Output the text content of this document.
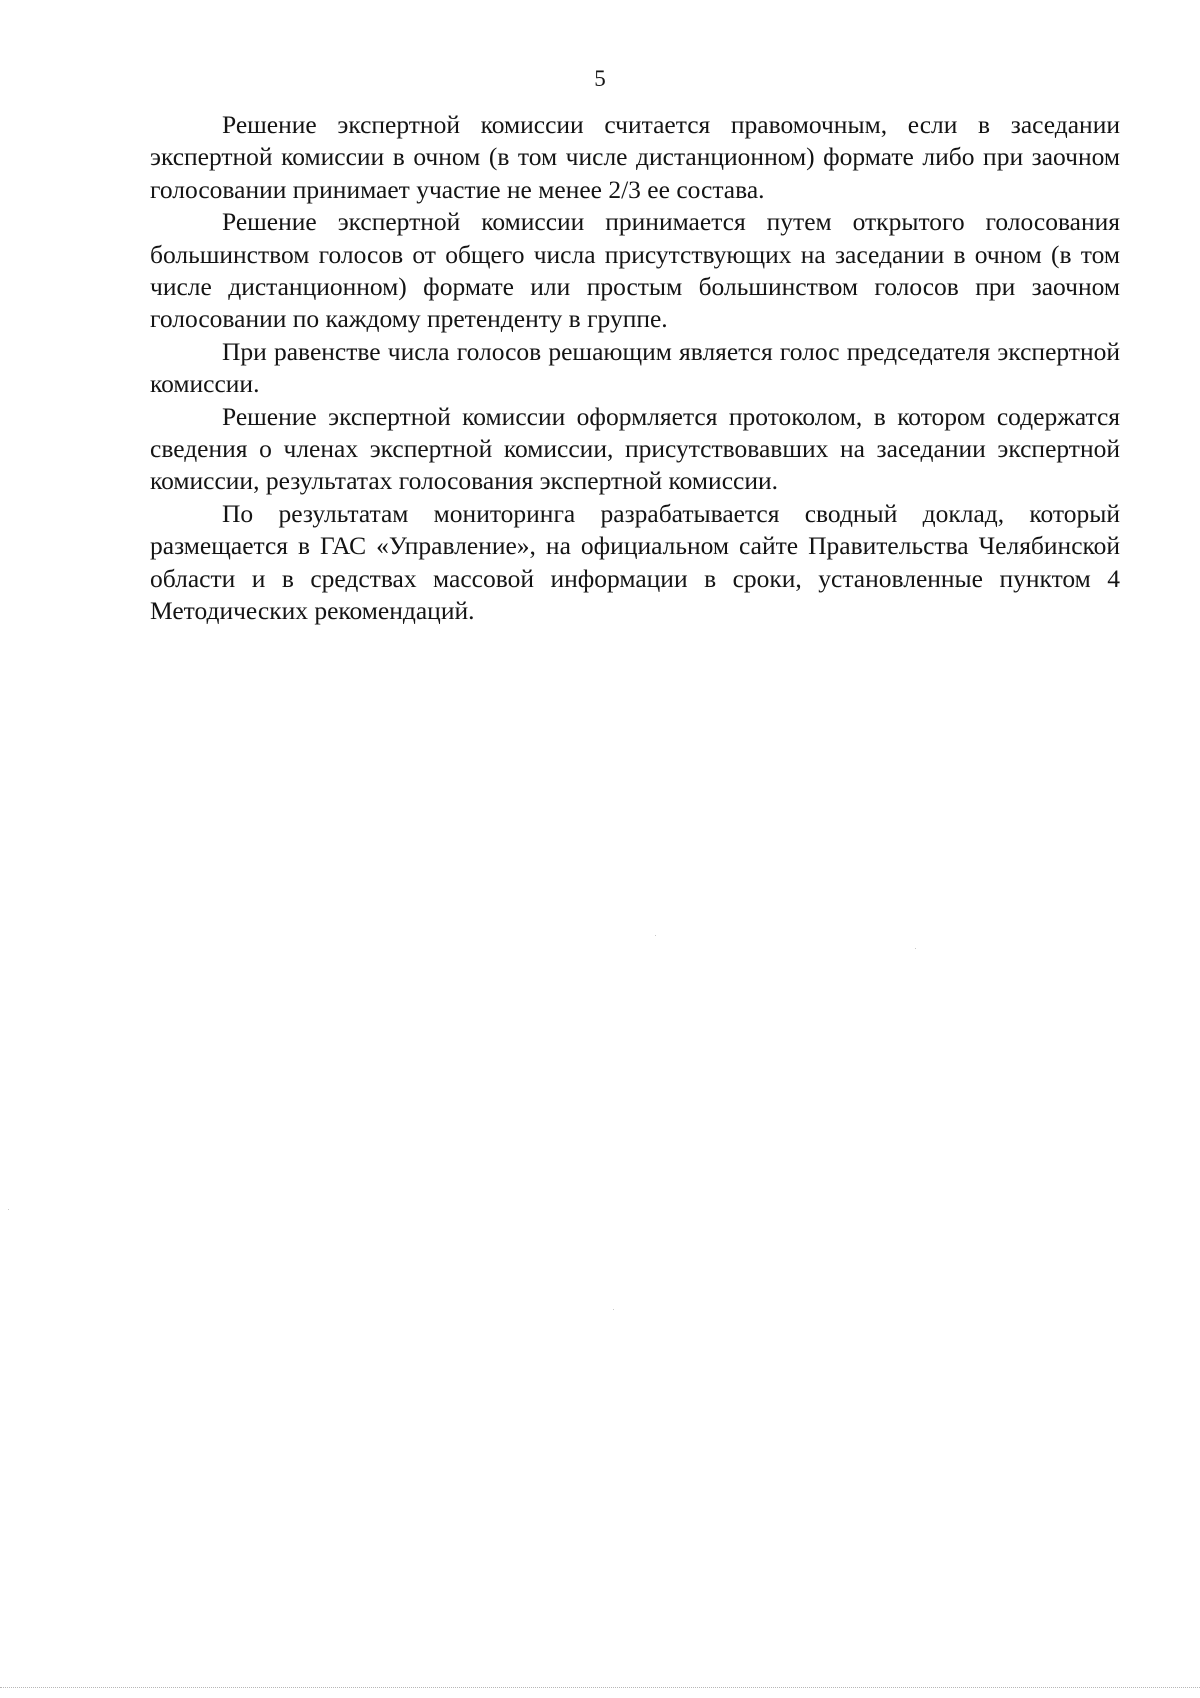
5

Решение экспертной комиссии считается правомочным, если в заседании экспертной комиссии в очном (в том числе дистанционном) формате либо при заочном голосовании принимает участие не менее 2/3 ее состава.

Решение экспертной комиссии принимается путем открытого голосования большинством голосов от общего числа присутствующих на заседании в очном (в том числе дистанционном) формате или простым большинством голосов при заочном голосовании по каждому претенденту в группе.

При равенстве числа голосов решающим является голос председателя экспертной комиссии.

Решение экспертной комиссии оформляется протоколом, в котором содержатся сведения о членах экспертной комиссии, присутствовавших на заседании экспертной комиссии, результатах голосования экспертной комиссии.

По результатам мониторинга разрабатывается сводный доклад, который размещается в ГАС «Управление», на официальном сайте Правительства Челябинской области и в средствах массовой информации в сроки, установленные пунктом 4 Методических рекомендаций.
